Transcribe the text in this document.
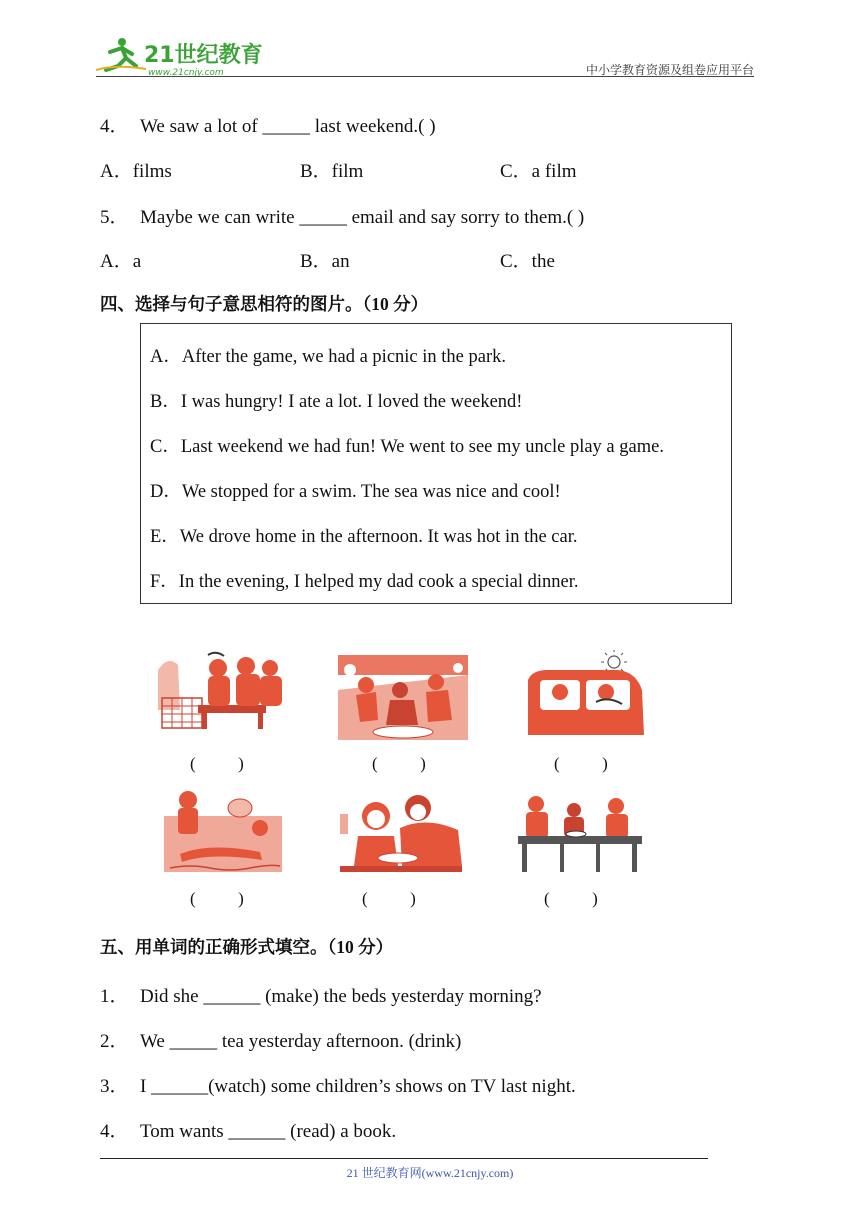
21世纪教育
www.21cnjy.com	中小学教育资源及组卷应用平台
4． We saw a lot of _____ last weekend.( )
A．films	B．film	C．a film
5． Maybe we can write _____ email and say sorry to them.( )
A．a	B．an	C．the
四、选择与句子意思相符的图片。（10 分）
A．After the game, we had a picnic in the park.
B．I was hungry! I ate a lot. I loved the weekend!
C．Last weekend we had fun! We went to see my uncle play a game.
D．We stopped for a swim. The sea was nice and cool!
E．We drove home in the afternoon. It was hot in the car.
F．In the evening, I helped my dad cook a special dinner.
(          )	(          )	(          )
(          )	(          )	(          )
五、用单词的正确形式填空。（10 分）
1． Did she ______ (make) the beds yesterday morning?
2． We _____ tea yesterday afternoon. (drink)
3． I ______(watch) some children’s shows on TV last night.
4． Tom wants ______ (read) a book.
21 世纪教育网(www.21cnjy.com)
